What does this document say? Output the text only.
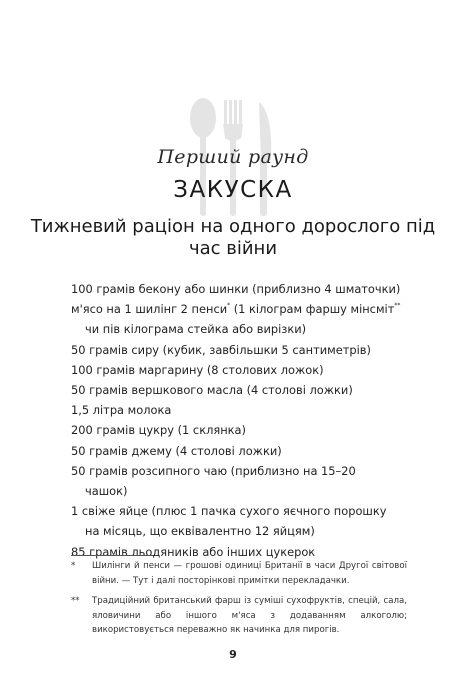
Перший раунд
ЗАКУСКА
Тижневий раціон на одного дорослого під час війни
100 грамів бекону або шинки (приблизно 4 шматочки)
м'ясо на 1 шилінг 2 пенси* (1 кілограм фаршу мінсміт** чи пів кілограма стейка або вирізки)
50 грамів сиру (кубик, завбільшки 5 сантиметрів)
100 грамів маргарину (8 столових ложок)
50 грамів вершкового масла (4 столові ложки)
1,5 літра молока
200 грамів цукру (1 склянка)
50 грамів джему (4 столові ложки)
50 грамів розсипного чаю (приблизно на 15–20 чашок)
1 свіже яйце (плюс 1 пачка сухого яєчного порошку на місяць, що еквівалентно 12 яйцям)
85 грамів льодяників або інших цукерок
*	Шилінги й пенси — грошові одиниці Британії в часи Другої світової війни. — Тут і далі посторінкові примітки перекладачки.
**	Традиційний британський фарш із суміші сухофруктів, спецій, сала, яловичини або іншого м'яса з додаванням алкоголю; використовується переважно як начинка для пирогів.
9
